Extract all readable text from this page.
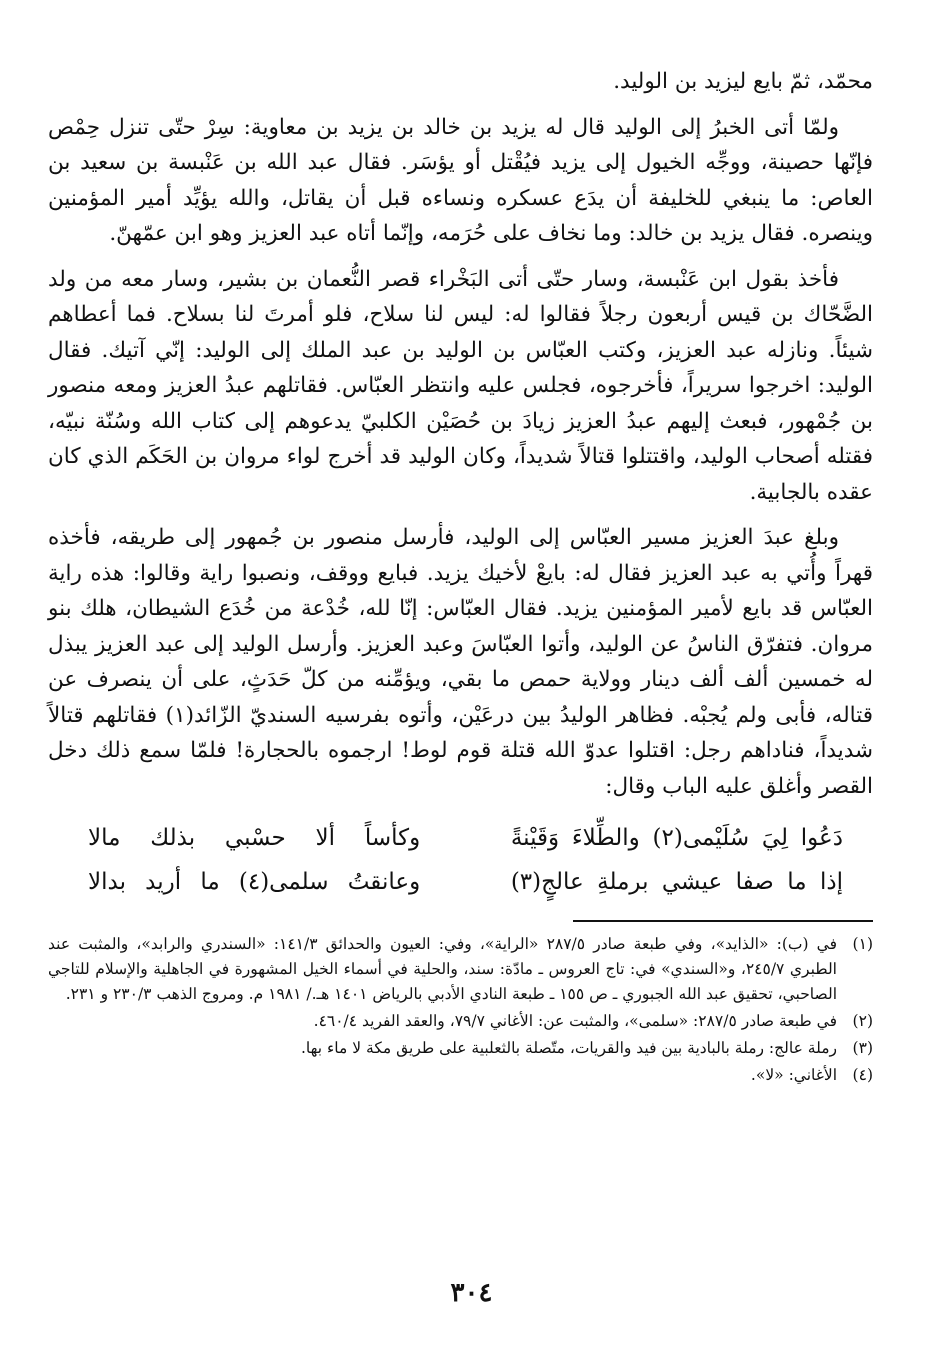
محمّد، ثمّ بايع ليزيد بن الوليد.

ولمّا أتى الخبرُ إلى الوليد قال له يزيد بن خالد بن يزيد بن معاوية: سِرْ حتّى تنزل حِمْص فإنّها حصينة، ووجِّه الخيول إلى يزيد فيُقْتل أو يؤسَر. فقال عبد الله بن عَنْبسة بن سعيد بن العاص: ما ينبغي للخليفة أن يدَع عسكره ونساءه قبل أن يقاتل، والله يؤيِّد أمير المؤمنين وينصره. فقال يزيد بن خالد: وما نخاف على حُرَمه، وإنّما أتاه عبد العزيز وهو ابن عمّهنّ.

فأخذ بقول ابن عَنْبسة، وسار حتّى أتى البَخْراء قصر النُّعمان بن بشير، وسار معه من ولد الضَّحّاك بن قيس أربعون رجلاً فقالوا له: ليس لنا سلاح، فلو أمرتَ لنا بسلاح. فما أعطاهم شيئاً. ونازله عبد العزيز، وكتب العبّاس بن الوليد بن عبد الملك إلى الوليد: إنّي آتيك. فقال الوليد: اخرجوا سريراً، فأخرجوه، فجلس عليه وانتظر العبّاس. فقاتلهم عبدُ العزيز ومعه منصور بن جُمْهور، فبعث إليهم عبدُ العزيز زيادَ بن حُصَيْن الكلبيّ يدعوهم إلى كتاب الله وسُنّة نبيّه، فقتله أصحاب الوليد، واقتتلوا قتالاً شديداً، وكان الوليد قد أخرج لواء مروان بن الحَكَم الذي كان عقده بالجابية.

وبلغ عبدَ العزيز مسير العبّاس إلى الوليد، فأرسل منصور بن جُمهور إلى طريقه، فأخذه قهراً وأُتي به عبد العزيز فقال له: بايعْ لأخيك يزيد. فبايع ووقف، ونصبوا راية وقالوا: هذه راية العبّاس قد بايع لأمير المؤمنين يزيد. فقال العبّاس: إنّا لله، خُدْعة من خُدَع الشيطان، هلك بنو مروان. فتفرّق الناسُ عن الوليد، وأتوا العبّاسَ وعبد العزيز. وأرسل الوليد إلى عبد العزيز يبذل له خمسين ألف ألف دينار وولاية حمص ما بقي، ويؤمِّنه من كلّ حَدَثٍ، على أن ينصرف عن قتاله، فأبى ولم يُجبْه. فظاهر الوليدُ بين درعَيْن، وأتوه بفرسيه السنديّ الزّائد(١) فقاتلهم قتالاً شديداً، فناداهم رجل: اقتلوا عدوّ الله قتلة قوم لوط! ارجموه بالحجارة! فلمّا سمع ذلك دخل القصر وأغلق عليه الباب وقال:

دَعُوا لِيَ سُلَيْمى(٢) والطِّلاءَ وَقَيْنةً
وكأساً ألا حسْبي بذلك مالا
إذا ما صفا عيشي برملةِ عالجٍ(٣)
وعانقتُ سلمى(٤) ما أريد بدالا
(١)
في (ب): «الذايد»، وفي طبعة صادر ٢٨٧/٥ «الراية»، وفي: العيون والحدائق ١٤١/٣: «السندري والرابد»، والمثبت عند الطبري ٢٤٥/٧، و«السندي» في: تاج العروس ـ مادّة: سند، والحلية في أسماء الخيل المشهورة في الجاهلية والإسلام للتاجي الصاحبي، تحقيق عبد الله الجبوري ـ ص ١٥٥ ـ طبعة النادي الأدبي بالرياض ١٤٠١ هـ./ ١٩٨١ م. ومروج الذهب ٢٣٠/٣ و ٢٣١.
(٢)
في طبعة صادر ٢٨٧/٥: «سلمى»، والمثبت عن: الأغاني ٧٩/٧، والعقد الفريد ٤٦٠/٤.
(٣)
رملة عالج: رملة بالبادية بين فيد والقريات، متّصلة بالثعلبية على طريق مكة لا ماء بها.
(٤)
الأغاني: «لا».
٣٠٤
